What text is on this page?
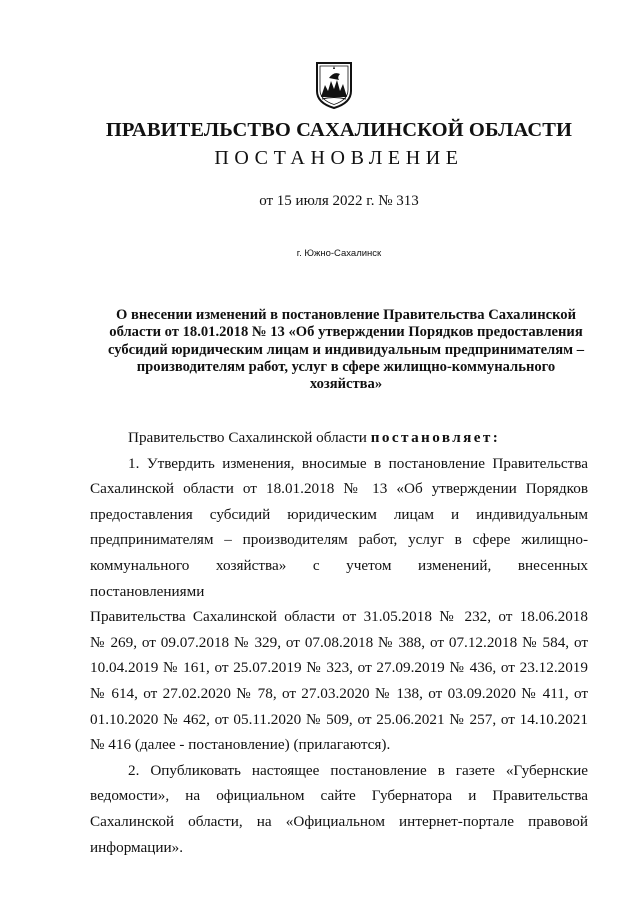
ПРАВИТЕЛЬСТВО САХАЛИНСКОЙ ОБЛАСТИ
ПОСТАНОВЛЕНИЕ
от 15 июля 2022 г. № 313
г. Южно-Сахалинск
О внесении изменений в постановление Правительства Сахалинской
области от 18.01.2018 № 13 «Об утверждении Порядков предоставления
субсидий юридическим лицам и индивидуальным предпринимателям –
производителям работ, услуг в сфере жилищно-коммунального
хозяйства»
Правительство Сахалинской области постановляет:
1. Утвердить изменения, вносимые в постановление Правительства
Сахалинской области от 18.01.2018 № 13 «Об утверждении Порядков
предоставления субсидий юридическим лицам и индивидуальным
предпринимателям – производителям работ, услуг в сфере жилищно-
коммунального хозяйства» с учетом изменений, внесенных постановлениями
Правительства Сахалинской области от 31.05.2018 № 232, от 18.06.2018
№ 269, от 09.07.2018 № 329, от 07.08.2018 № 388, от 07.12.2018 № 584, от
10.04.2019 № 161, от 25.07.2019 № 323, от 27.09.2019 № 436, от 23.12.2019
№ 614, от 27.02.2020 № 78, от 27.03.2020 № 138, от 03.09.2020 № 411, от
01.10.2020 № 462, от 05.11.2020 № 509, от 25.06.2021 № 257, от 14.10.2021
№ 416 (далее - постановление) (прилагаются).
2. Опубликовать настоящее постановление в газете «Губернские
ведомости», на официальном сайте Губернатора и Правительства
Сахалинской области, на «Официальном интернет-портале правовой
информации».
